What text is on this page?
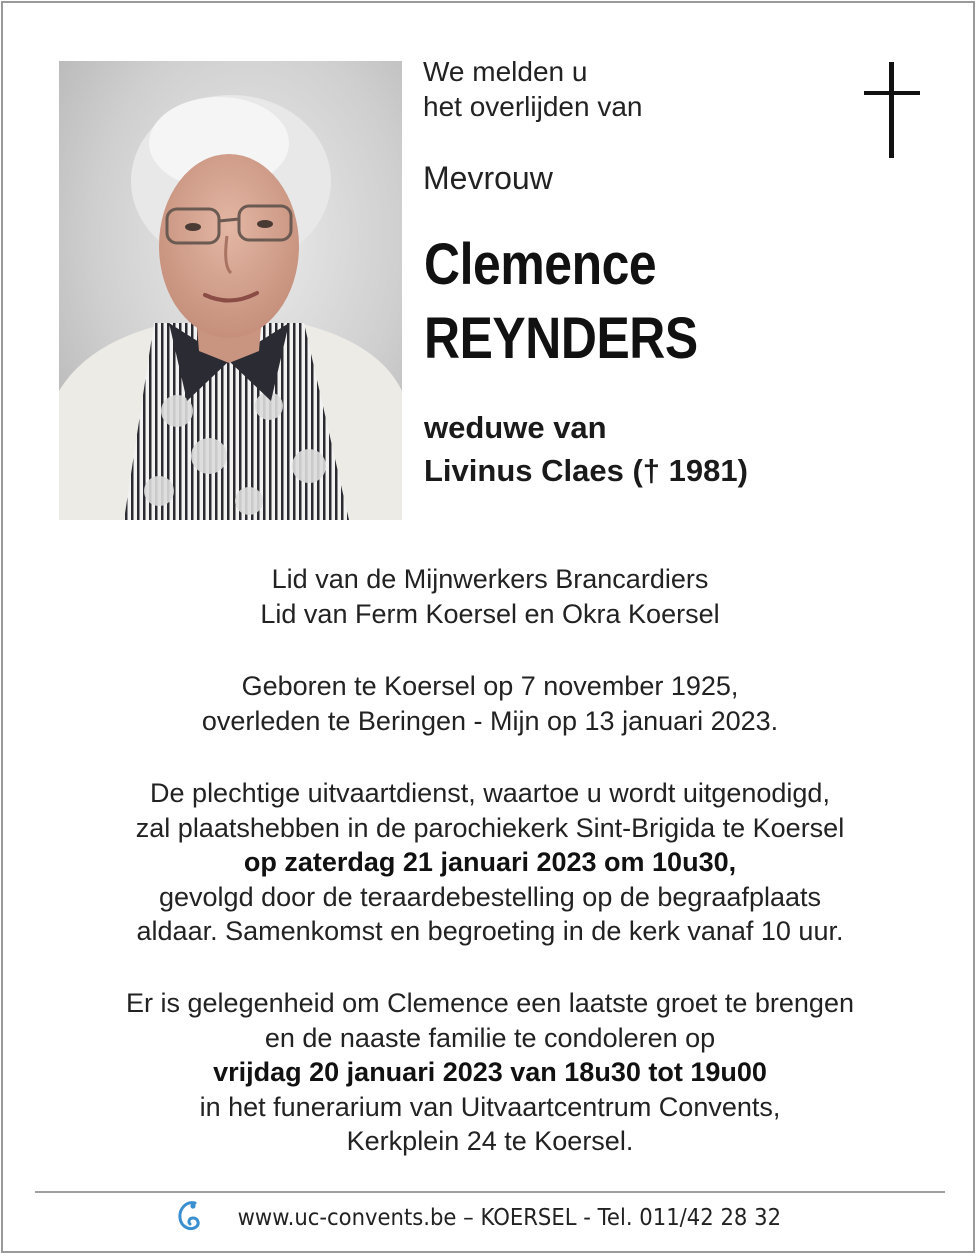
We melden u
het overlijden van
Mevrouw
Clemence
REYNDERS
weduwe van
Livinus Claes († 1981)
Lid van de Mijnwerkers Brancardiers
Lid van Ferm Koersel en Okra Koersel
Geboren te Koersel op 7 november 1925,
overleden te Beringen - Mijn op 13 januari 2023.
De plechtige uitvaartdienst, waartoe u wordt uitgenodigd,
zal plaatshebben in de parochiekerk Sint-Brigida te Koersel
op zaterdag 21 januari 2023 om 10u30,
gevolgd door de teraardebestelling op de begraafplaats
aldaar. Samenkomst en begroeting in de kerk vanaf 10 uur.
Er is gelegenheid om Clemence een laatste groet te brengen
en de naaste familie te condoleren op
vrijdag 20 januari 2023 van 18u30 tot 19u00
in het funerarium van Uitvaartcentrum Convents,
Kerkplein 24 te Koersel.
www.uc-convents.be – KOERSEL - Tel. 011/42 28 32
